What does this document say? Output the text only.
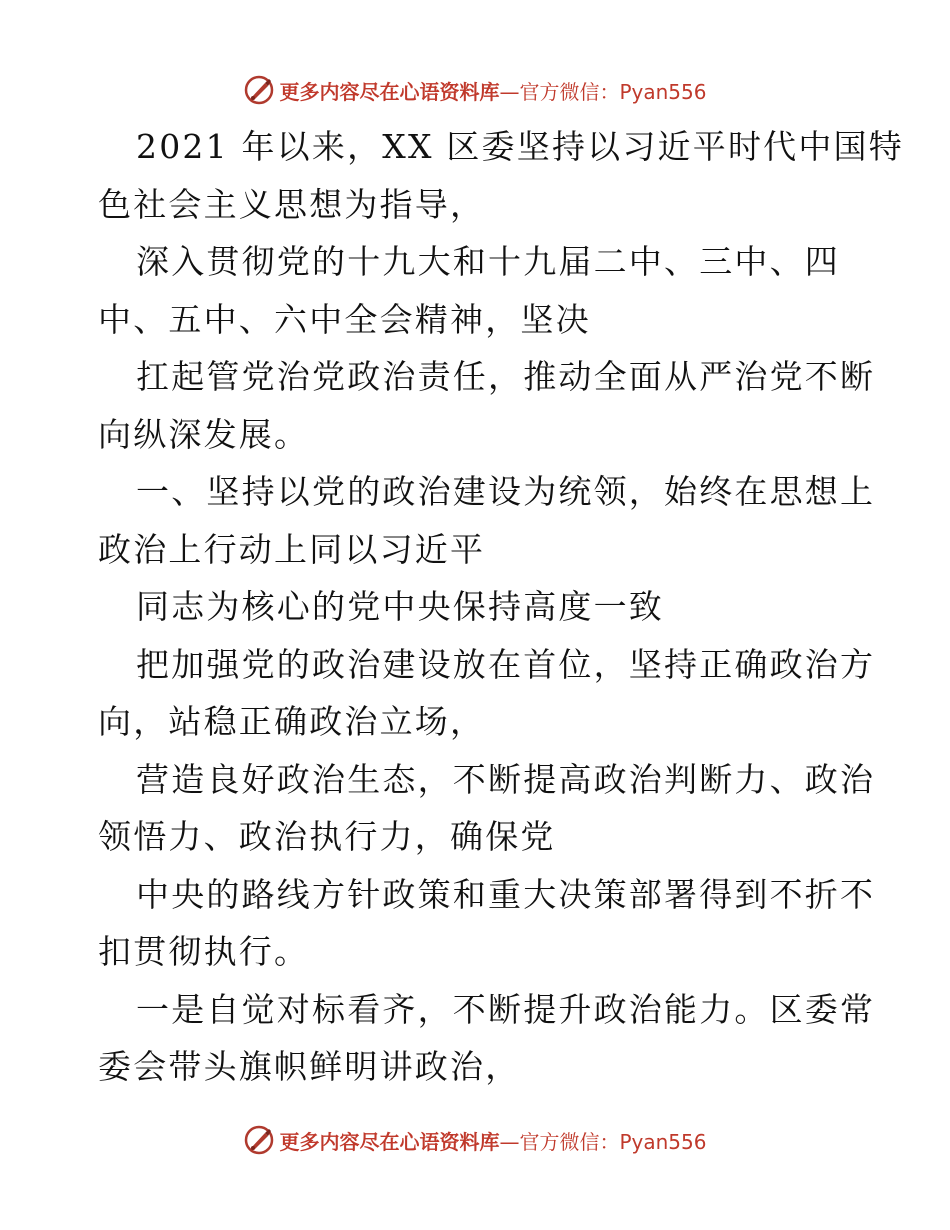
更多内容尽在心语资料库—官方微信：Pyan556
2021 年以来，XX 区委坚持以习近平时代中国特
色社会主义思想为指导，
深入贯彻党的十九大和十九届二中、三中、四
中、五中、六中全会精神，坚决
扛起管党治党政治责任，推动全面从严治党不断
向纵深发展。
一、坚持以党的政治建设为统领，始终在思想上
政治上行动上同以习近平
同志为核心的党中央保持高度一致
把加强党的政治建设放在首位，坚持正确政治方
向，站稳正确政治立场，
营造良好政治生态，不断提高政治判断力、政治
领悟力、政治执行力，确保党
中央的路线方针政策和重大决策部署得到不折不
扣贯彻执行。
一是自觉对标看齐，不断提升政治能力。区委常
委会带头旗帜鲜明讲政治，
更多内容尽在心语资料库—官方微信：Pyan556
